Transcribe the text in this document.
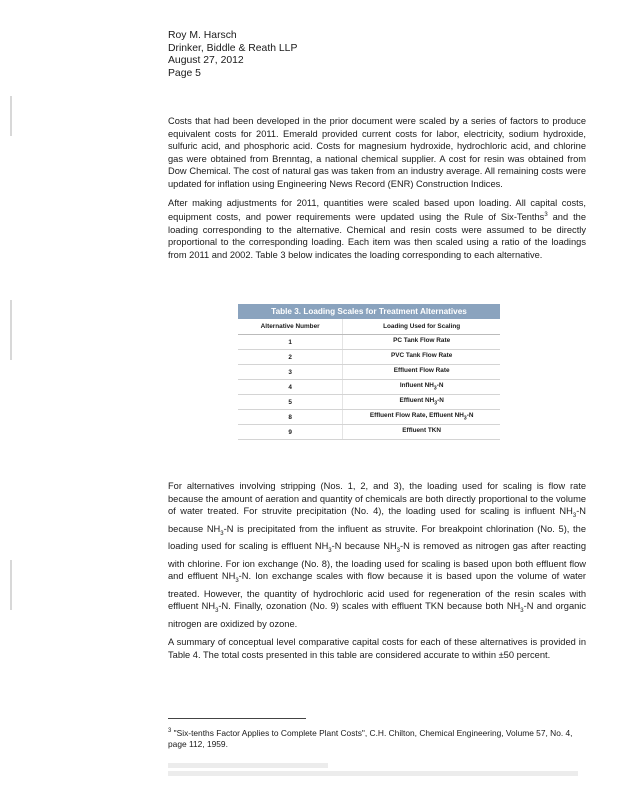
Roy M. Harsch
Drinker, Biddle & Reath LLP
August 27, 2012
Page 5

Costs that had been developed in the prior document were scaled by a series of factors to produce equivalent costs for 2011. Emerald provided current costs for labor, electricity, sodium hydroxide, sulfuric acid, and phosphoric acid. Costs for magnesium hydroxide, hydrochloric acid, and chlorine gas were obtained from Brenntag, a national chemical supplier. A cost for resin was obtained from Dow Chemical. The cost of natural gas was taken from an industry average. All remaining costs were updated for inflation using Engineering News Record (ENR) Construction Indices.

After making adjustments for 2011, quantities were scaled based upon loading. All capital costs, equipment costs, and power requirements were updated using the Rule of Six-Tenths$^3$ and the loading corresponding to the alternative. Chemical and resin costs were assumed to be directly proportional to the corresponding loading. Each item was then scaled using a ratio of the loadings from 2011 and 2002. Table 3 below indicates the loading corresponding to each alternative.

Table 3. Loading Scales for Treatment Alternatives
Alternative Number	Loading Used for Scaling
1	PC Tank Flow Rate
2	PVC Tank Flow Rate
3	Effluent Flow Rate
4	Influent $NH_3-N$
5	Effluent $NH_3-N$
8	Effluent Flow Rate, Effluent $NH_3-N$
9	Effluent TKN

For alternatives involving stripping (Nos. 1, 2, and 3), the loading used for scaling is flow rate because the amount of aeration and quantity of chemicals are both directly proportional to the volume of water treated. For struvite precipitation (No. 4), the loading used for scaling is influent $NH_3-N$ because $NH_3-N$ is precipitated from the influent as struvite. For breakpoint chlorination (No. 5), the loading used for scaling is effluent $NH_3-N$ because $NH_3-N$ is removed as nitrogen gas after reacting with chlorine. For ion exchange (No. 8), the loading used for scaling is based upon both effluent flow and effluent $NH_3-N$. Ion exchange scales with flow because it is based upon the volume of water treated. However, the quantity of hydrochloric acid used for regeneration of the resin scales with effluent $NH_3-N$. Finally, ozonation (No. 9) scales with effluent TKN because both $NH_3-N$ and organic nitrogen are oxidized by ozone.

A summary of conceptual level comparative capital costs for each of these alternatives is provided in Table 4. The total costs presented in this table are considered accurate to within ±50 percent.

$^3$ "Six-tenths Factor Applies to Complete Plant Costs", C.H. Chilton, Chemical Engineering, Volume 57, No. 4, page 112, 1959.
